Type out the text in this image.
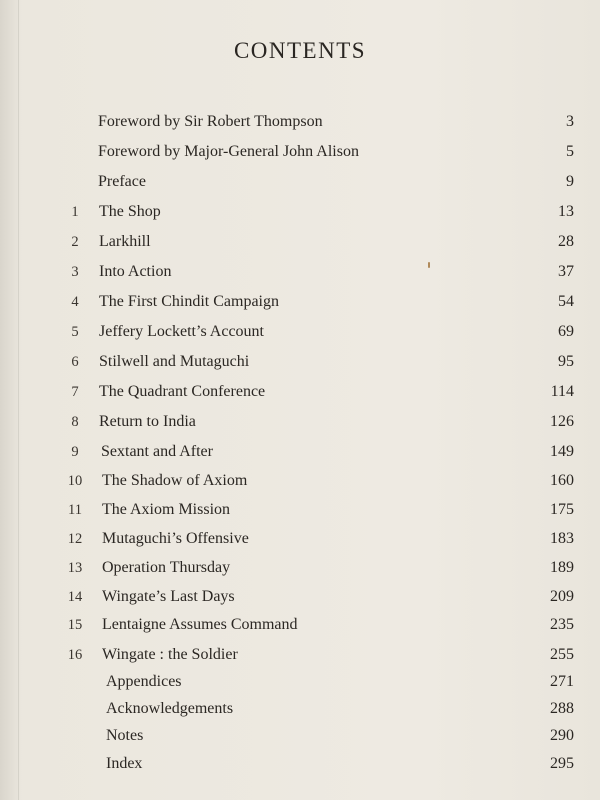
CONTENTS
Foreword by Sir Robert Thompson	3
Foreword by Major-General John Alison	5
Preface	9
1	The Shop	13
2	Larkhill	28
3	Into Action	37
4	The First Chindit Campaign	54
5	Jeffery Lockett’s Account	69
6	Stilwell and Mutaguchi	95
7	The Quadrant Conference	114
8	Return to India	126
9	Sextant and After	149
10	The Shadow of Axiom	160
11	The Axiom Mission	175
12	Mutaguchi’s Offensive	183
13	Operation Thursday	189
14	Wingate’s Last Days	209
15	Lentaigne Assumes Command	235
16	Wingate : the Soldier	255
Appendices	271
Acknowledgements	288
Notes	290
Index	295
